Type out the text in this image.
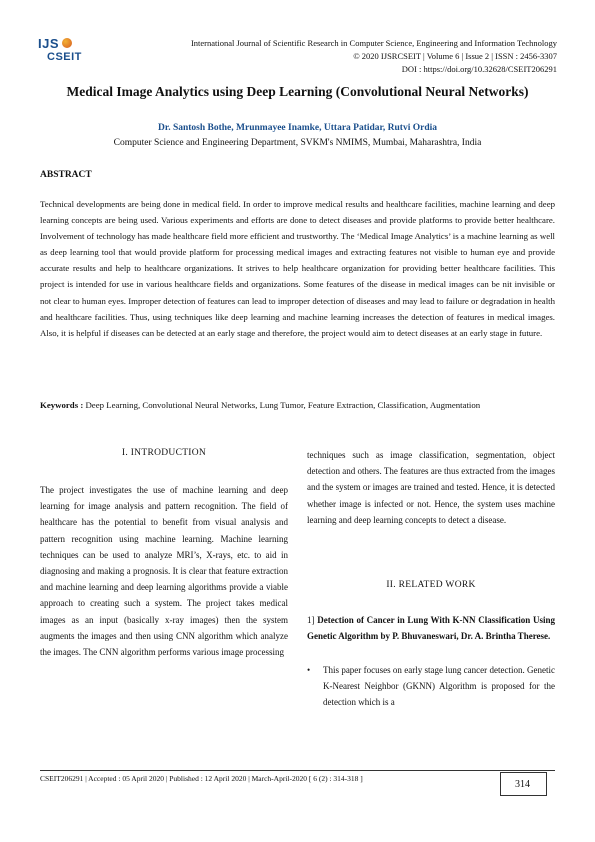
IJS
CSEIT
International Journal of Scientific Research in Computer Science, Engineering and Information Technology
© 2020 IJSRCSEIT | Volume 6 | Issue 2 | ISSN : 2456-3307
DOI : https://doi.org/10.32628/CSEIT206291
Medical Image Analytics using Deep Learning (Convolutional Neural Networks)
Dr. Santosh Bothe, Mrunmayee Inamke, Uttara Patidar, Rutvi Ordia
Computer Science and Engineering Department, SVKM's NMIMS, Mumbai, Maharashtra, India
ABSTRACT
Technical developments are being done in medical field. In order to improve medical results and healthcare facilities, machine learning and deep learning concepts are being used. Various experiments and efforts are done to detect diseases and provide platforms to provide better healthcare. Involvement of technology has made healthcare field more efficient and trustworthy. The ‘Medical Image Analytics’ is a machine learning as well as deep learning tool that would provide platform for processing medical images and extracting features not visible to human eye and provide accurate results and help to healthcare organizations. It strives to help healthcare organization for providing better healthcare facilities. This project is intended for use in various healthcare fields and organizations. Some features of the disease in medical images can be nit invisible or not clear to human eyes. Improper detection of features can lead to improper detection of diseases and may lead to failure or degradation in health and healthcare facilities. Thus, using techniques like deep learning and machine learning increases the detection of features in medical images. Also, it is helpful if diseases can be detected at an early stage and therefore, the project would aim to detect diseases at an early stage in future.
Keywords : Deep Learning, Convolutional Neural Networks, Lung Tumor, Feature Extraction, Classification, Augmentation
I. INTRODUCTION
The project investigates the use of machine learning and deep learning for image analysis and pattern recognition. The field of healthcare has the potential to benefit from visual analysis and pattern recognition using machine learning. Machine learning techniques can be used to analyze MRI’s, X-rays, etc. to aid in diagnosing and making a prognosis. It is clear that feature extraction and machine learning and deep learning algorithms provide a viable approach to creating such a system. The project takes medical images as an input (basically x-ray images) then the system augments the images and then using CNN algorithm which analyze the images. The CNN algorithm performs various image processing
techniques such as image classification, segmentation, object detection and others. The features are thus extracted from the images and the system or images are trained and tested. Hence, it is detected whether image is infected or not. Hence, the system uses machine learning and deep learning concepts to detect a disease.
II. RELATED WORK
1] Detection of Cancer in Lung With K-NN Classification Using Genetic Algorithm by P. Bhuvaneswari, Dr. A. Brintha Therese.
• This paper focuses on early stage lung cancer detection. Genetic K-Nearest Neighbor (GKNN) Algorithm is proposed for the detection which is a
CSEIT206291 | Accepted : 05 April 2020 | Published : 12 April 2020 | March-April-2020 [ 6 (2) : 314-318 ]
314
